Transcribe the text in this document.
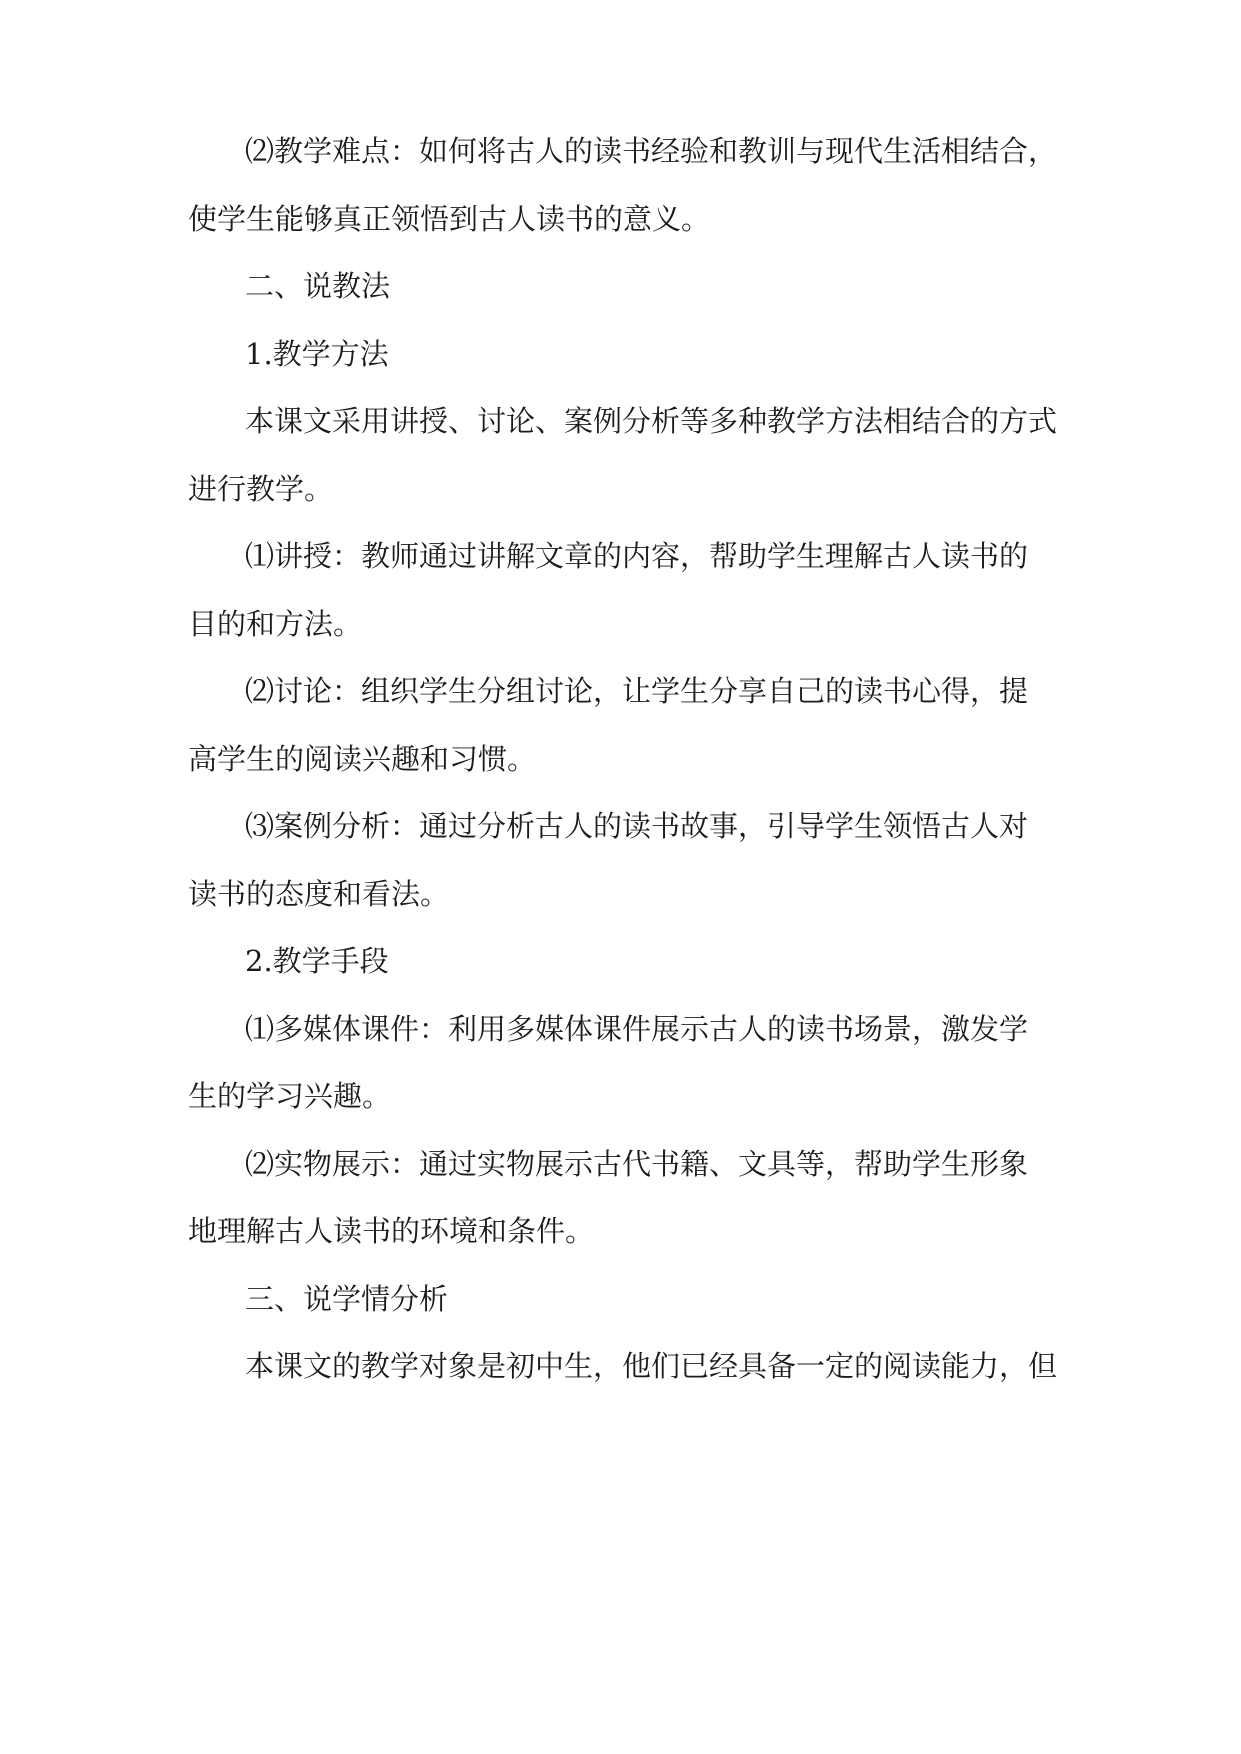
⑵教学难点：如何将古人的读书经验和教训与现代生活相结合，
使学生能够真正领悟到古人读书的意义。
二、说教法
1.教学方法
本课文采用讲授、讨论、案例分析等多种教学方法相结合的方式
进行教学。
⑴讲授：教师通过讲解文章的内容，帮助学生理解古人读书的
目的和方法。
⑵讨论：组织学生分组讨论，让学生分享自己的读书心得，提
高学生的阅读兴趣和习惯。
⑶案例分析：通过分析古人的读书故事，引导学生领悟古人对
读书的态度和看法。
2.教学手段
⑴多媒体课件：利用多媒体课件展示古人的读书场景，激发学
生的学习兴趣。
⑵实物展示：通过实物展示古代书籍、文具等，帮助学生形象
地理解古人读书的环境和条件。
三、说学情分析
本课文的教学对象是初中生，他们已经具备一定的阅读能力，但
